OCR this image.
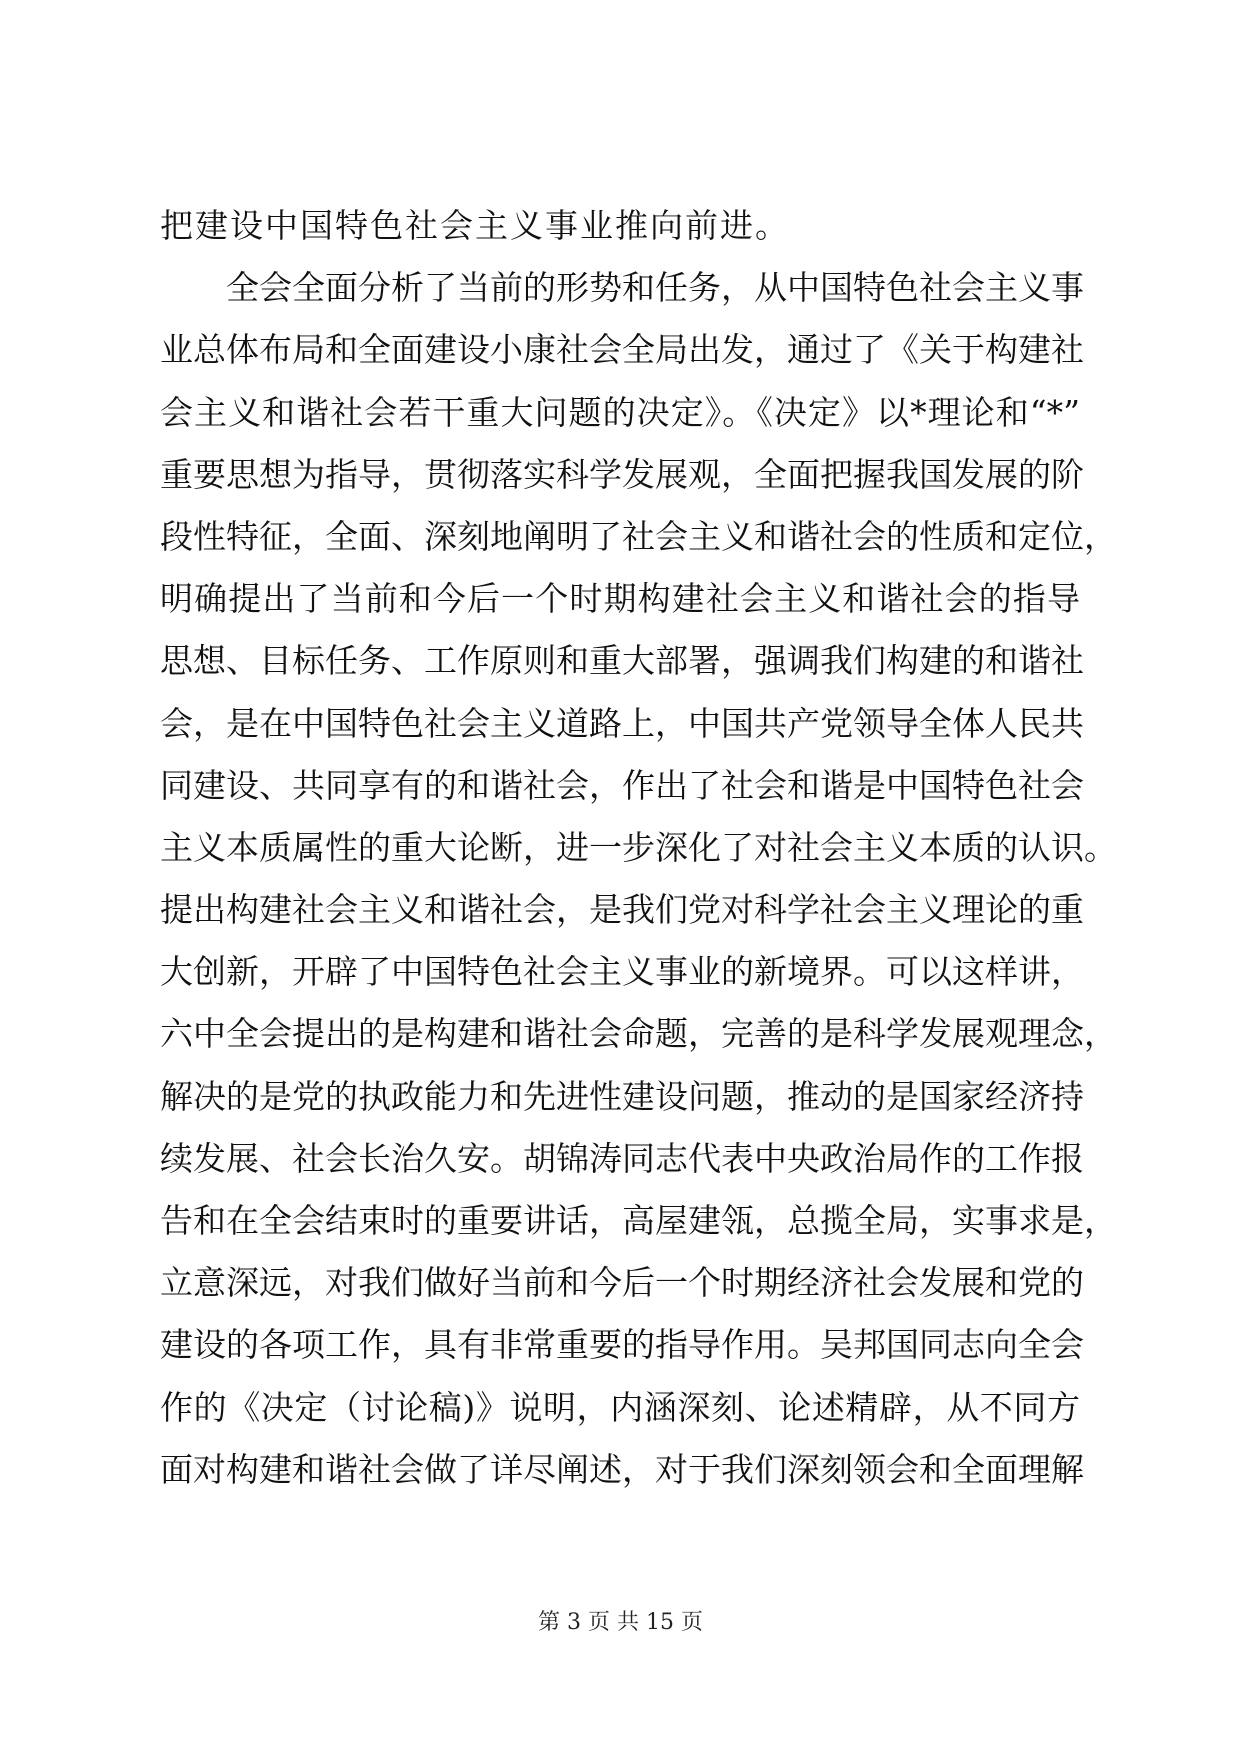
把建设中国特色社会主义事业推向前进。
全会全面分析了当前的形势和任务，从中国特色社会主义事
业总体布局和全面建设小康社会全局出发，通过了《关于构建社
会主义和谐社会若干重大问题的决定》。《决定》以*理论和“*”
重要思想为指导，贯彻落实科学发展观，全面把握我国发展的阶
段性特征，全面、深刻地阐明了社会主义和谐社会的性质和定位，
明确提出了当前和今后一个时期构建社会主义和谐社会的指导
思想、目标任务、工作原则和重大部署，强调我们构建的和谐社
会，是在中国特色社会主义道路上，中国共产党领导全体人民共
同建设、共同享有的和谐社会，作出了社会和谐是中国特色社会
主义本质属性的重大论断，进一步深化了对社会主义本质的认识。
提出构建社会主义和谐社会，是我们党对科学社会主义理论的重
大创新，开辟了中国特色社会主义事业的新境界。可以这样讲，
六中全会提出的是构建和谐社会命题，完善的是科学发展观理念，
解决的是党的执政能力和先进性建设问题，推动的是国家经济持
续发展、社会长治久安。胡锦涛同志代表中央政治局作的工作报
告和在全会结束时的重要讲话，高屋建瓴，总揽全局，实事求是，
立意深远，对我们做好当前和今后一个时期经济社会发展和党的
建设的各项工作，具有非常重要的指导作用。吴邦国同志向全会
作的《决定（讨论稿)》说明，内涵深刻、论述精辟，从不同方
面对构建和谐社会做了详尽阐述，对于我们深刻领会和全面理解
第 3 页 共 15 页
